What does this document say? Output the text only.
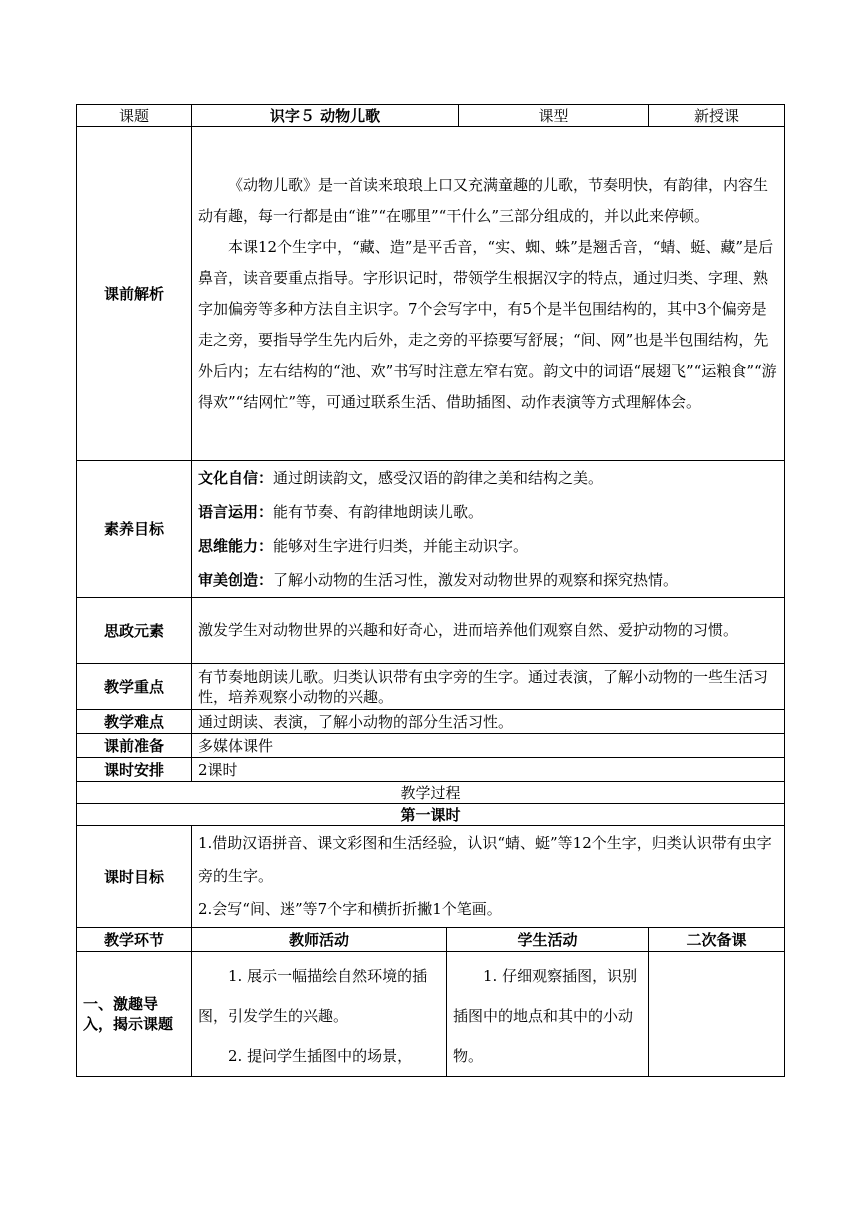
课题	识字５ 动物儿歌		课型	新授课
课前解析	《动物儿歌》是一首读来琅琅上口又充满童趣的儿歌，节奏明快，有韵律，内容生动有趣，每一行都是由“谁”“在哪里”“干什么”三部分组成的，并以此来停顿。

本课12个生字中，“藏、造”是平舌音，“实、蜘、蛛”是翘舌音，“蜻、蜓、藏”是后鼻音，读音要重点指导。字形识记时，带领学生根据汉字的特点，通过归类、字理、熟字加偏旁等多种方法自主识字。7个会写字中，有5个是半包围结构的，其中3个偏旁是走之旁，要指导学生先内后外，走之旁的平捺要写舒展；“间、网”也是半包围结构，先外后内；左右结构的“池、欢”书写时注意左窄右宽。韵文中的词语“展翅飞”“运粮食”“游得欢”“结网忙”等，可通过联系生活、借助插图、动作表演等方式理解体会。			

素养目标	文化自信：通过朗读韵文，感受汉语的韵律之美和结构之美。

语言运用：能有节奏、有韵律地朗读儿歌。

思维能力：能够对生字进行归类，并能主动识字。

审美创造：了解小动物的生活习性，激发对动物世界的观察和探究热情。			

思政元素	激发学生对动物世界的兴趣和好奇心，进而培养他们观察自然、爱护动物的习惯。			

教学重点	有节奏地朗读儿歌。归类认识带有虫字旁的生字。通过表演，了解小动物的一些生活习性，培养观察小动物的兴趣。			

教学难点	通过朗读、表演，了解小动物的部分生活习性。			
课前准备	多媒体课件			
课时安排	2课时			
教学过程				
第一课时				
课时目标	1.借助汉语拼音、课文彩图和生活经验，认识“蜻、蜓”等12个生字，归类认识带有虫字旁的生字。

2.会写“间、迷”等7个字和横折折撇1个笔画。			

教学环节	教师活动	学生活动		二次备课
一、激趣导入，揭示课题	1. 展示一幅描绘自然环境的插图，引发学生的兴趣。

2. 提问学生插图中的场景，	1. 仔细观察插图，识别插图中的地点和其中的小动物。		
